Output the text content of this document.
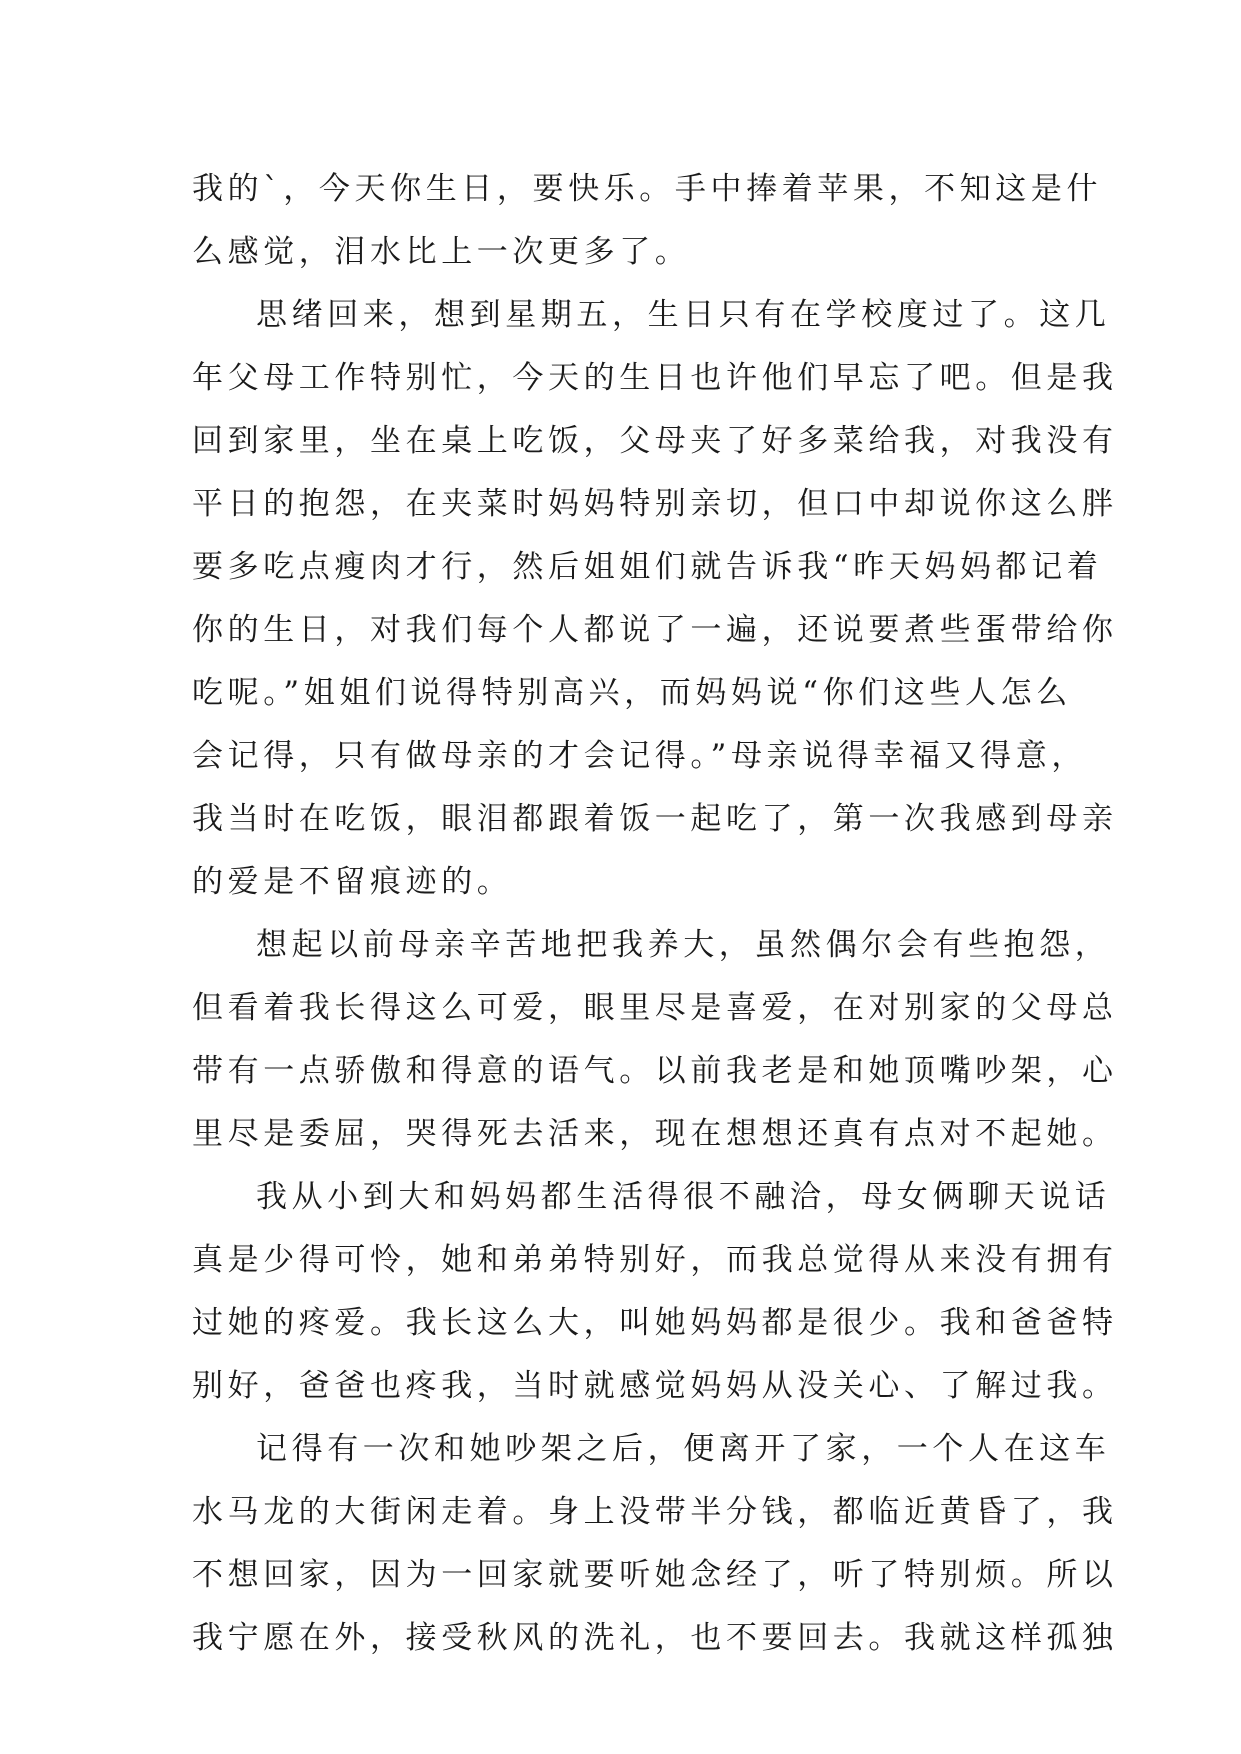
我的`，今天你生日，要快乐。手中捧着苹果，不知这是什
么感觉，泪水比上一次更多了。
思绪回来，想到星期五，生日只有在学校度过了。这几
年父母工作特别忙，今天的生日也许他们早忘了吧。但是我
回到家里，坐在桌上吃饭，父母夹了好多菜给我，对我没有
平日的抱怨，在夹菜时妈妈特别亲切，但口中却说你这么胖
要多吃点瘦肉才行，然后姐姐们就告诉我“昨天妈妈都记着
你的生日，对我们每个人都说了一遍，还说要煮些蛋带给你
吃呢。”姐姐们说得特别高兴，而妈妈说“你们这些人怎么
会记得，只有做母亲的才会记得。”母亲说得幸福又得意，
我当时在吃饭，眼泪都跟着饭一起吃了，第一次我感到母亲
的爱是不留痕迹的。
想起以前母亲辛苦地把我养大，虽然偶尔会有些抱怨，
但看着我长得这么可爱，眼里尽是喜爱，在对别家的父母总
带有一点骄傲和得意的语气。以前我老是和她顶嘴吵架，心
里尽是委屈，哭得死去活来，现在想想还真有点对不起她。
我从小到大和妈妈都生活得很不融洽，母女俩聊天说话
真是少得可怜，她和弟弟特别好，而我总觉得从来没有拥有
过她的疼爱。我长这么大，叫她妈妈都是很少。我和爸爸特
别好，爸爸也疼我，当时就感觉妈妈从没关心、了解过我。
记得有一次和她吵架之后，便离开了家，一个人在这车
水马龙的大街闲走着。身上没带半分钱，都临近黄昏了，我
不想回家，因为一回家就要听她念经了，听了特别烦。所以
我宁愿在外，接受秋风的洗礼，也不要回去。我就这样孤独
